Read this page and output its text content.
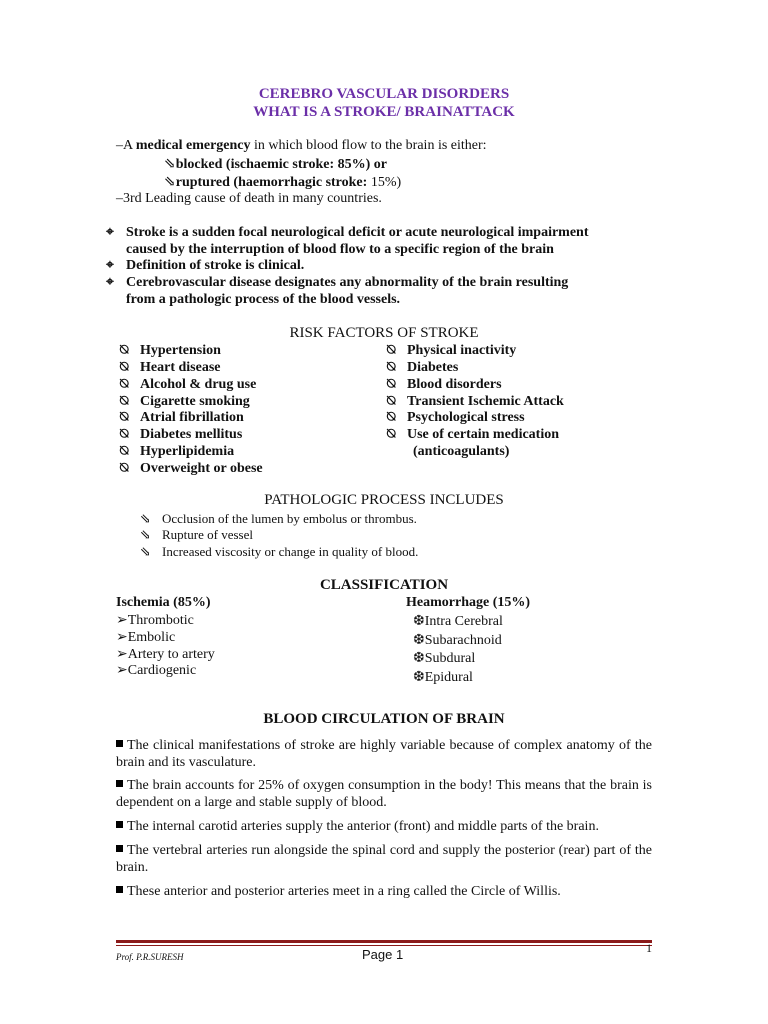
CEREBRO VASCULAR DISORDERS
WHAT IS A STROKE/ BRAINATTACK
–A medical emergency in which blood flow to the brain is either:
⇘blocked (ischaemic stroke: 85%) or
⇘ruptured (haemorrhagic stroke: 15%)
–3rd Leading cause of death in many countries.
⌖ Stroke is a sudden focal neurological deficit or acute neurological impairment
caused by the interruption of blood flow to a specific region of the brain
⌖ Definition of stroke is clinical.
⌖ Cerebrovascular disease designates any abnormality of the brain resulting
from a pathologic process of the blood vessels.
RISK FACTORS OF STROKE
⍉ Hypertension
⍉ Heart disease
⍉ Alcohol & drug use
⍉ Cigarette smoking
⍉ Atrial fibrillation
⍉ Diabetes mellitus
⍉ Hyperlipidemia
⍉ Overweight or obese
⍉ Physical inactivity
⍉ Diabetes
⍉ Blood disorders
⍉ Transient Ischemic Attack
⍉ Psychological stress
⍉ Use of certain medication
(anticoagulants)
PATHOLOGIC PROCESS INCLUDES
⇘ Occlusion of the lumen by embolus or thrombus.
⇘ Rupture of vessel
⇘ Increased viscosity or change in quality of blood.
CLASSIFICATION
Ischemia (85%)
➢Thrombotic
➢Embolic
➢Artery to artery
➢Cardiogenic
Heamorrhage (15%)
❆Intra Cerebral
❆Subarachnoid
❆Subdural
❆Epidural
BLOOD CIRCULATION OF BRAIN
The clinical manifestations of stroke are highly variable because of complex anatomy of the brain and its vasculature.
The brain accounts for 25% of oxygen consumption in the body! This means that the brain is dependent on a large and stable supply of blood.
The internal carotid arteries supply the anterior (front) and middle parts of the brain.
The vertebral arteries run alongside the spinal cord and supply the posterior (rear) part of the brain.
These anterior and posterior arteries meet in a ring called the Circle of Willis.
Prof. P.R.SURESH	Page 1	1
